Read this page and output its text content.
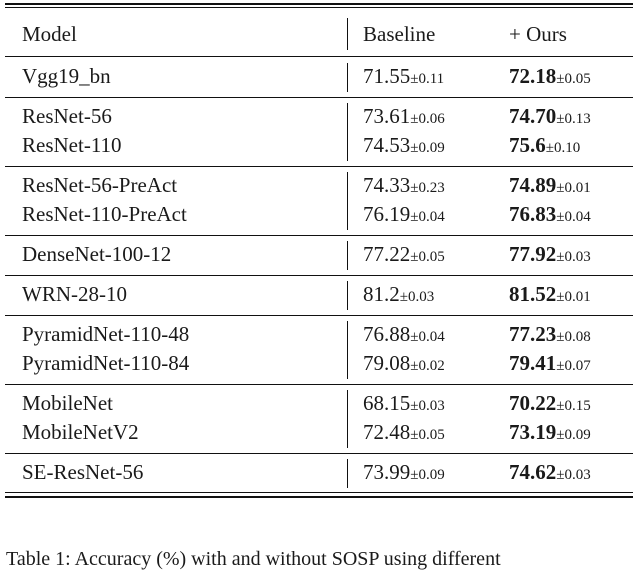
Model	Baseline	+ Ours
Vgg19_bn	71.55±0.11	72.18±0.05
ResNet-56	73.61±0.06	74.70±0.13
ResNet-110	74.53±0.09	75.6±0.10
ResNet-56-PreAct	74.33±0.23	74.89±0.01
ResNet-110-PreAct	76.19±0.04	76.83±0.04
DenseNet-100-12	77.22±0.05	77.92±0.03
WRN-28-10	81.2±0.03	81.52±0.01
PyramidNet-110-48	76.88±0.04	77.23±0.08
PyramidNet-110-84	79.08±0.02	79.41±0.07
MobileNet	68.15±0.03	70.22±0.15
MobileNetV2	72.48±0.05	73.19±0.09
SE-ResNet-56	73.99±0.09	74.62±0.03
Table 1: Accuracy (%) with and without SOSP using different
